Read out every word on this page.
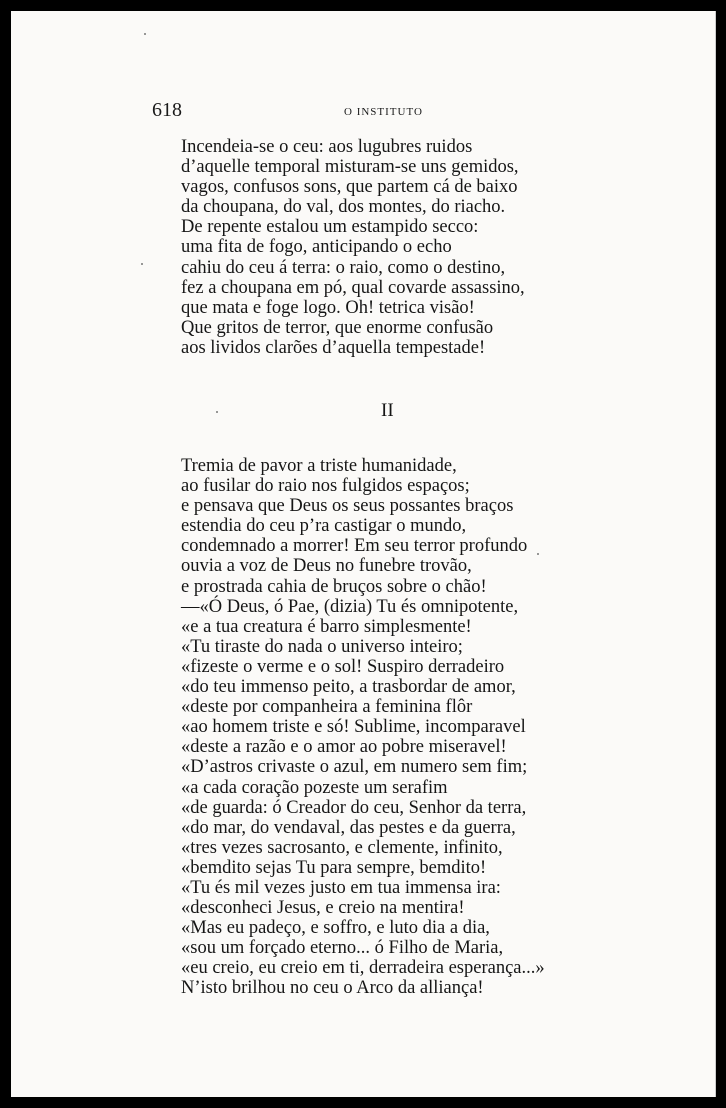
618	O INSTITUTO
Incendeia-se o ceu: aos lugubres ruidos
d’aquelle temporal misturam-se uns gemidos,
vagos, confusos sons, que partem cá de baixo
da choupana, do val, dos montes, do riacho.
De repente estalou um estampido secco:
uma fita de fogo, anticipando o echo
cahiu do ceu á terra: o raio, como o destino,
fez a choupana em pó, qual covarde assassino,
que mata e foge logo. Oh! tetrica visão!
Que gritos de terror, que enorme confusão
aos lividos clarões d’aquella tempestade!
II
Tremia de pavor a triste humanidade,
ao fusilar do raio nos fulgidos espaços;
e pensava que Deus os seus possantes braços
estendia do ceu p’ra castigar o mundo,
condemnado a morrer! Em seu terror profundo
ouvia a voz de Deus no funebre trovão,
e prostrada cahia de bruços sobre o chão!
—«Ó Deus, ó Pae, (dizia) Tu és omnipotente,
«e a tua creatura é barro simplesmente!
«Tu tiraste do nada o universo inteiro;
«fizeste o verme e o sol! Suspiro derradeiro
«do teu immenso peito, a trasbordar de amor,
«deste por companheira a feminina flôr
«ao homem triste e só! Sublime, incomparavel
«deste a razão e o amor ao pobre miseravel!
«D’astros crivaste o azul, em numero sem fim;
«a cada coração pozeste um serafim
«de guarda: ó Creador do ceu, Senhor da terra,
«do mar, do vendaval, das pestes e da guerra,
«tres vezes sacrosanto, e clemente, infinito,
«bemdito sejas Tu para sempre, bemdito!
«Tu és mil vezes justo em tua immensa ira:
«desconheci Jesus, e creio na mentira!
«Mas eu padeço, e soffro, e luto dia a dia,
«sou um forçado eterno... ó Filho de Maria,
«eu creio, eu creio em ti, derradeira esperança...»
N’isto brilhou no ceu o Arco da alliança!
